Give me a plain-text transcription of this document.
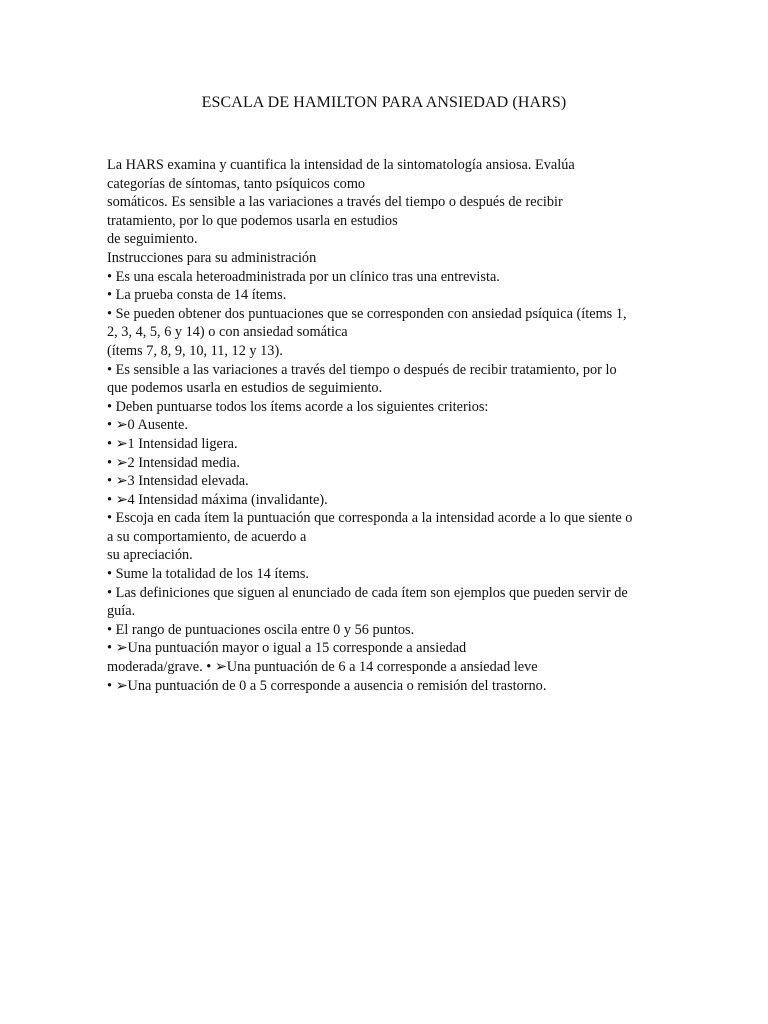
ESCALA DE HAMILTON PARA ANSIEDAD (HARS)
La HARS examina y cuantifica la intensidad de la sintomatología ansiosa. Evalúa
categorías de síntomas, tanto psíquicos como
somáticos. Es sensible a las variaciones a través del tiempo o después de recibir
tratamiento, por lo que podemos usarla en estudios
de seguimiento.
Instrucciones para su administración
• Es una escala heteroadministrada por un clínico tras una entrevista.
• La prueba consta de 14 ítems.
• Se pueden obtener dos puntuaciones que se corresponden con ansiedad psíquica (ítems 1,
2, 3, 4, 5, 6 y 14) o con ansiedad somática
(ítems 7, 8, 9, 10, 11, 12 y 13).
• Es sensible a las variaciones a través del tiempo o después de recibir tratamiento, por lo
que podemos usarla en estudios de seguimiento.
• Deben puntuarse todos los ítems acorde a los siguientes criterios:
• ➢0 Ausente.
• ➢1 Intensidad ligera.
• ➢2 Intensidad media.
• ➢3 Intensidad elevada.
• ➢4 Intensidad máxima (invalidante).
• Escoja en cada ítem la puntuación que corresponda a la intensidad acorde a lo que siente o
a su comportamiento, de acuerdo a
su apreciación.
• Sume la totalidad de los 14 ítems.
• Las definiciones que siguen al enunciado de cada ítem son ejemplos que pueden servir de
guía.
• El rango de puntuaciones oscila entre 0 y 56 puntos.
• ➢Una puntuación mayor o igual a 15 corresponde a ansiedad
moderada/grave. • ➢Una puntuación de 6 a 14 corresponde a ansiedad leve
• ➢Una puntuación de 0 a 5 corresponde a ausencia o remisión del trastorno.
